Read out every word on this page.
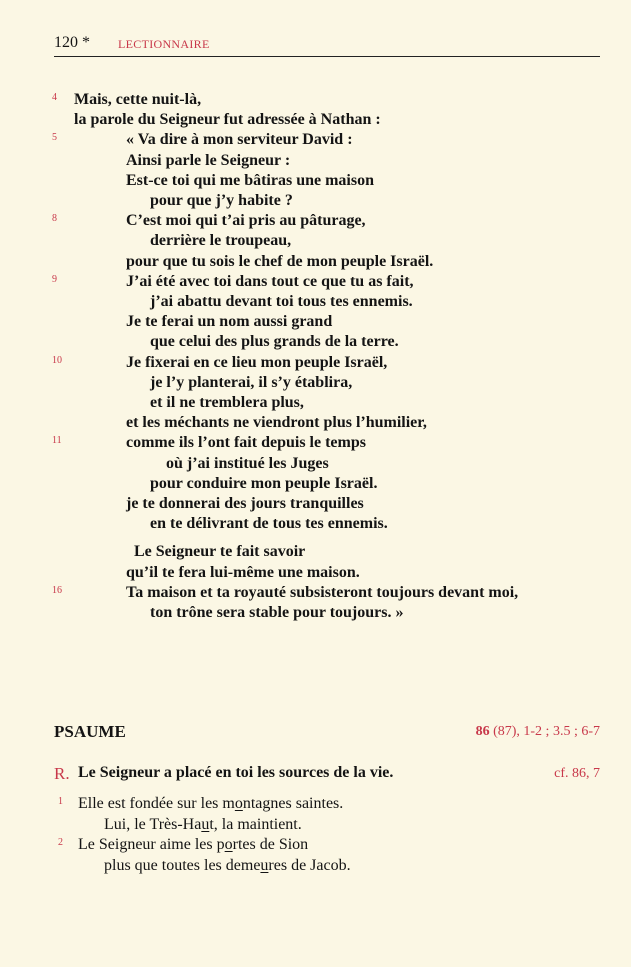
120 * LECTIONNAIRE
4 Mais, cette nuit-là,
la parole du Seigneur fut adressée à Nathan :
5	« Va dire à mon serviteur David :
Ainsi parle le Seigneur :
Est-ce toi qui me bâtiras une maison
pour que j’y habite ?
8	C’est moi qui t’ai pris au pâturage,
derrière le troupeau,
pour que tu sois le chef de mon peuple Israël.
9	J’ai été avec toi dans tout ce que tu as fait,
j’ai abattu devant toi tous tes ennemis.
Je te ferai un nom aussi grand
que celui des plus grands de la terre.
10	Je fixerai en ce lieu mon peuple Israël,
je l’y planterai, il s’y établira,
et il ne tremblera plus,
et les méchants ne viendront plus l’humilier,
11	comme ils l’ont fait depuis le temps
où j’ai institué les Juges
pour conduire mon peuple Israël.
je te donnerai des jours tranquilles
en te délivrant de tous tes ennemis.
Le Seigneur te fait savoir
qu’il te fera lui-même une maison.
16	Ta maison et ta royauté subsisteront toujours devant moi,
ton trône sera stable pour toujours. »
PSAUME	86 (87), 1-2 ; 3.5 ; 6-7
R. Le Seigneur a placé en toi les sources de la vie.	cf. 86, 7
1 Elle est fondée sur les montagnes saintes.
Lui, le Très-Haut, la maintient.
2 Le Seigneur aime les portes de Sion
plus que toutes les demeures de Jacob.
